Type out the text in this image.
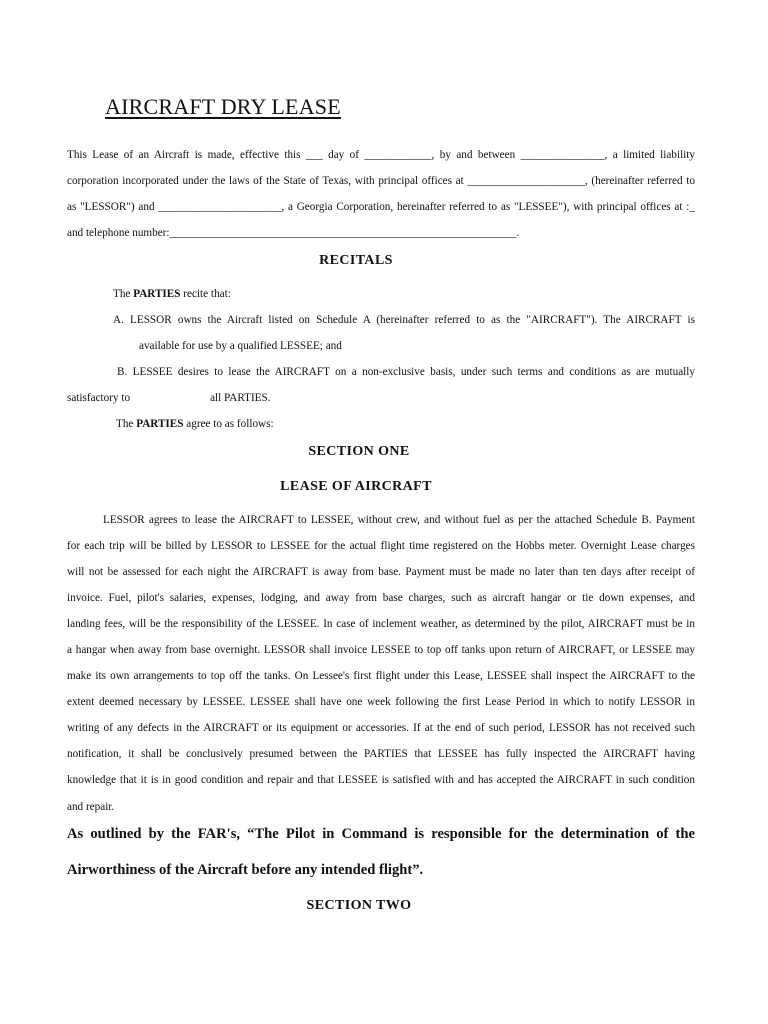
AIRCRAFT DRY LEASE
This Lease of an Aircraft is made, effective this ___ day of ____________, by and between _______________, a limited liability
corporation incorporated under the laws of the State of Texas, with principal offices at _____________________, (hereinafter referred to
as "LESSOR") and ______________________, a Georgia Corporation, hereinafter referred to as "LESSEE"), with principal offices at :_
and telephone number:______________________________________________________________.
RECITALS
The PARTIES recite that:
A. LESSOR owns the Aircraft listed on Schedule A (hereinafter referred to as the "AIRCRAFT"). The AIRCRAFT is
available for use by a qualified LESSEE; and
B. LESSEE desires to lease the AIRCRAFT on a non-exclusive basis, under such terms and conditions as are mutually
satisfactory to	all PARTIES.
The PARTIES agree to as follows:
SECTION ONE
LEASE OF AIRCRAFT
LESSOR agrees to lease the AIRCRAFT to LESSEE, without crew, and without fuel as per the attached Schedule B. Payment
for each trip will be billed by LESSOR to LESSEE for the actual flight time registered on the Hobbs meter. Overnight Lease charges
will not be assessed for each night the AIRCRAFT is away from base. Payment must be made no later than ten days after receipt of
invoice. Fuel, pilot's salaries, expenses, lodging, and away from base charges, such as aircraft hangar or tie down expenses, and
landing fees, will be the responsibility of the LESSEE. In case of inclement weather, as determined by the pilot, AIRCRAFT must be in
a hangar when away from base overnight. LESSOR shall invoice LESSEE to top off tanks upon return of AIRCRAFT, or LESSEE may
make its own arrangements to top off the tanks. On Lessee's first flight under this Lease, LESSEE shall inspect the AIRCRAFT to the
extent deemed necessary by LESSEE. LESSEE shall have one week following the first Lease Period in which to notify LESSOR in
writing of any defects in the AIRCRAFT or its equipment or accessories. If at the end of such period, LESSOR has not received such
notification, it shall be conclusively presumed between the PARTIES that LESSEE has fully inspected the AIRCRAFT having
knowledge that it is in good condition and repair and that LESSEE is satisfied with and has accepted the AIRCRAFT in such condition
and repair.
As outlined by the FAR's, “The Pilot in Command is responsible for the determination of the
Airworthiness of the Aircraft before any intended flight”.
SECTION TWO
